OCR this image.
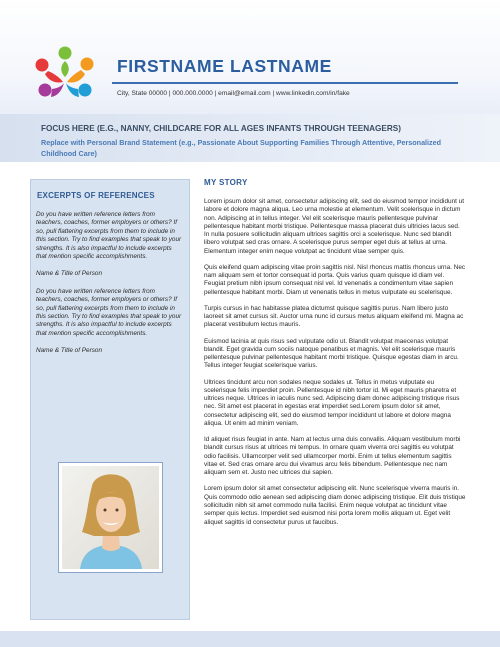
FIRSTNAME LASTNAME
City, State 00000 | 000.000.0000 | email@email.com | www.linkedin.com/in/fake
FOCUS HERE (E.G., NANNY, CHILDCARE FOR ALL AGES INFANTS THROUGH TEENAGERS)
Replace with Personal Brand Statement (e.g., Passionate About Supporting Families Through Attentive, Personalized Childhood Care)
EXCERPTS OF REFERENCES

Do you have written reference letters from teachers, coaches, former employers or others? If so, pull flattering excerpts from them to include in this section. Try to find examples that speak to your strengths. It is also impactful to include excerpts that mention specific accomplishments.

Name & Title of Person

Do you have written reference letters from teachers, coaches, former employers or others? If so, pull flattering excerpts from them to include in this section. Try to find examples that speak to your strengths. It is also impactful to include excerpts that mention specific accomplishments.

Name & Title of Person

MY STORY

Lorem ipsum dolor sit amet, consectetur adipiscing elit, sed do eiusmod tempor incididunt ut labore et dolore magna aliqua. Leo urna molestie at elementum. Velit scelerisque in dictum non. Adipiscing at in tellus integer. Vel elit scelerisque mauris pellentesque pulvinar pellentesque habitant morbi tristique. Pellentesque massa placerat duis ultricies lacus sed. In nulla posuere sollicitudin aliquam ultrices sagittis orci a scelerisque. Nunc sed blandit libero volutpat sed cras ornare. A scelerisque purus semper eget duis at tellus at urna. Elementum integer enim neque volutpat ac tincidunt vitae semper quis.

Quis eleifend quam adipiscing vitae proin sagittis nisl. Nisl rhoncus mattis rhoncus urna. Nec nam aliquam sem et tortor consequat id porta. Quis varius quam quisque id diam vel. Feugiat pretium nibh ipsum consequat nisl vel. Id venenatis a condimentum vitae sapien pellentesque habitant morbi. Diam ut venenatis tellus in metus vulputate eu scelerisque.

Turpis cursus in hac habitasse platea dictumst quisque sagittis purus. Nam libero justo laoreet sit amet cursus sit. Auctor urna nunc id cursus metus aliquam eleifend mi. Magna ac placerat vestibulum lectus mauris.

Euismod lacinia at quis risus sed vulputate odio ut. Blandit volutpat maecenas volutpat blandit. Eget gravida cum sociis natoque penatibus et magnis. Vel elit scelerisque mauris pellentesque pulvinar pellentesque habitant morbi tristique. Quisque egestas diam in arcu. Tellus integer feugiat scelerisque varius.

Ultrices tincidunt arcu non sodales neque sodales ut. Tellus in metus vulputate eu scelerisque felis imperdiet proin. Pellentesque id nibh tortor id. Mi eget mauris pharetra et ultrices neque. Ultrices in iaculis nunc sed. Adipiscing diam donec adipiscing tristique risus nec. Sit amet est placerat in egestas erat imperdiet sed.Lorem ipsum dolor sit amet, consectetur adipiscing elit, sed do eiusmod tempor incididunt ut labore et dolore magna aliqua. Ut enim ad minim veniam.

Id aliquet risus feugiat in ante. Nam at lectus urna duis convallis. Aliquam vestibulum morbi blandit cursus risus at ultrices mi tempus. In ornare quam viverra orci sagittis eu volutpat odio facilisis. Ullamcorper velit sed ullamcorper morbi. Enim ut tellus elementum sagittis vitae et. Sed cras ornare arcu dui vivamus arcu felis bibendum. Pellentesque nec nam aliquam sem et. Justo nec ultrices dui sapien.

Lorem ipsum dolor sit amet consectetur adipiscing elit. Nunc scelerisque viverra mauris in. Quis commodo odio aenean sed adipiscing diam donec adipiscing tristique. Elit duis tristique sollicitudin nibh sit amet commodo nulla facilisi. Enim neque volutpat ac tincidunt vitae semper quis lectus. Imperdiet sed euismod nisi porta lorem mollis aliquam ut. Eget velit aliquet sagittis id consectetur purus ut faucibus.
